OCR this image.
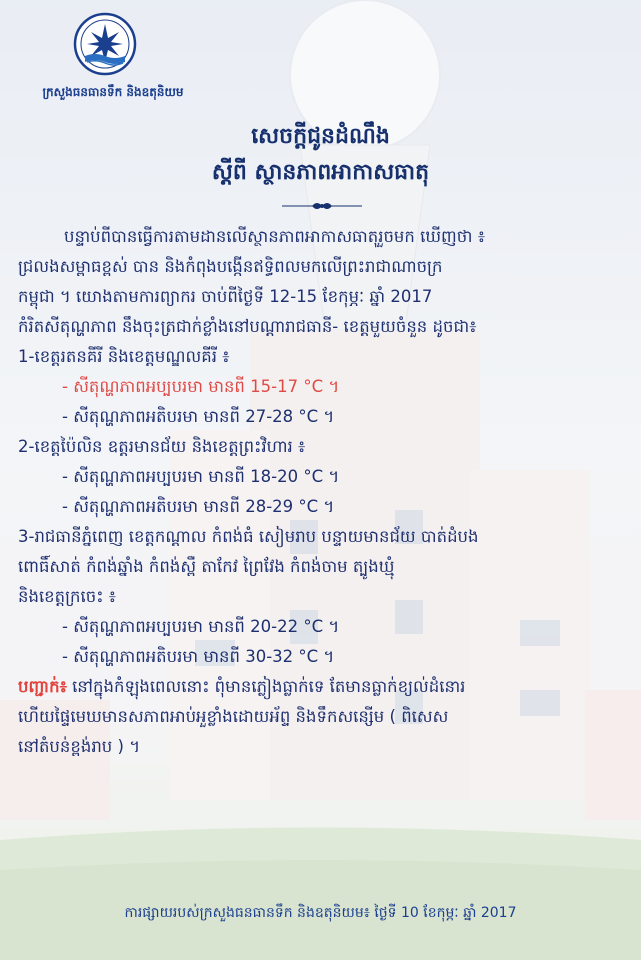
ក្រសួងធនធានទឹក និងឧតុនិយម
សេចក្តីជូនដំណឹង
ស្តីពី ស្ថានភាពអាកាសធាតុ
បន្ទាប់ពីបានធ្វើការតាមដានលើស្ថានភាពអាកាសធាតុរួចមក ឃើញថា ៖
ជ្រលងសម្ពាធខ្ពស់ បាន និងកំពុងបង្កើនឥទ្ធិពលមកលើព្រះរាជាណាចក្រ
កម្ពុជា ។ យោងតាមការព្យាករ ចាប់ពីថ្ងៃទី 12-15 ខែកុម្ភៈ ឆ្នាំ 2017
កំរិតសីតុណ្ហភាព នឹងចុះត្រជាក់ខ្លាំងនៅបណ្តារាជធានី- ខេត្តមួយចំនួន ដូចជា៖
1-ខេត្តរតនគីរី និងខេត្តមណ្ឌលគីរី ៖
- សីតុណ្ហភាពអប្បបរមា មានពី 15-17 °C ។
- សីតុណ្ហភាពអតិបរមា មានពី 27-28 °C ។
2-ខេត្តប៉ៃលិន ឧត្តរមានជ័យ និងខេត្តព្រះវិហារ ៖
- សីតុណ្ហភាពអប្បបរមា មានពី 18-20 °C ។
- សីតុណ្ហភាពអតិបរមា មានពី 28-29 °C ។
3-រាជធានីភ្នំពេញ ខេត្តកណ្តាល កំពង់ធំ សៀមរាប បន្ទាយមានជ័យ បាត់ដំបង
ពោធិ៍សាត់ កំពង់ឆ្នាំង កំពង់ស្ពឺ តាកែវ ព្រៃវែង កំពង់ចាម ត្បូងឃ្មុំ
និងខេត្តក្រចេះ ៖
- សីតុណ្ហភាពអប្បបរមា មានពី 20-22 °C ។
- សីតុណ្ហភាពអតិបរមា មានពី 30-32 °C ។
បញ្ជាក់៖ នៅក្នុងកំឡុងពេលនោះ ពុំមានភ្លៀងធ្លាក់ទេ តែមានធ្លាក់ខ្យល់ដំនោរ
ហើយផ្ទៃមេឃមានសភាពអាប់អួខ្លាំងដោយអ័ព្ទ និងទឹកសន្សើម ( ពិសេស
នៅតំបន់ខ្ពង់រាប ) ។
ការផ្សាយរបស់ក្រសួងធនធានទឹក និងឧតុនិយម៖ ថ្ងៃទី 10 ខែកុម្ភៈ ឆ្នាំ 2017
